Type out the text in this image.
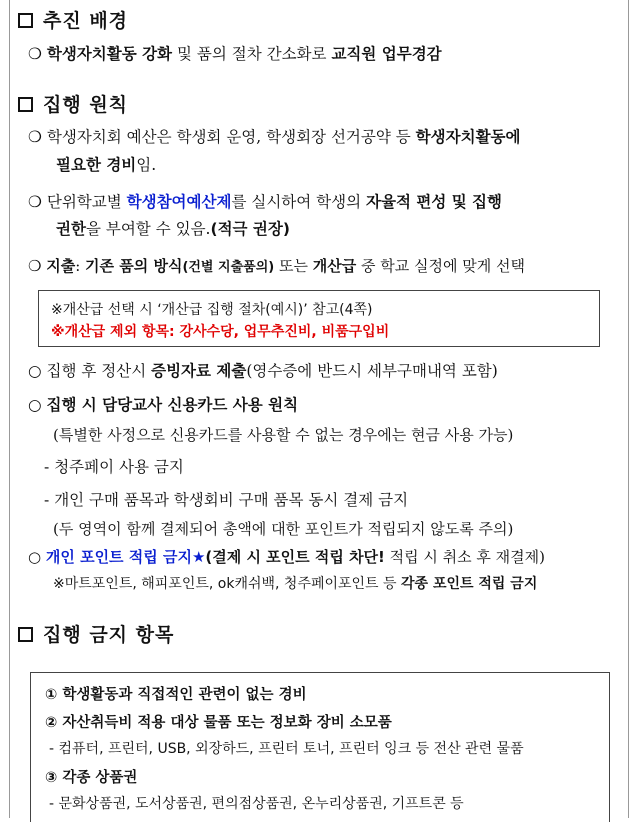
추진 배경
❍ 학생자치활동 강화 및 품의 절차 간소화로 교직원 업무경감
집행 원칙
❍ 학생자치회 예산은 학생회 운영, 학생회장 선거공약 등 학생자치활동에
필요한 경비임.
❍ 단위학교별 학생참여예산제를 실시하여 학생의 자율적 편성 및 집행
권한을 부여할 수 있음.(적극 권장)
❍ 지출: 기존 품의 방식(건별 지출품의) 또는 개산급 중 학교 실정에 맞게 선택
※개산급 선택 시 ‘개산급 집행 절차(예시)’ 참고(4쪽)
※개산급 제외 항목: 강사수당, 업무추진비, 비품구입비
○ 집행 후 정산시 증빙자료 제출(영수증에 반드시 세부구매내역 포함)
○ 집행 시 담당교사 신용카드 사용 원칙
(특별한 사정으로 신용카드를 사용할 수 없는 경우에는 현금 사용 가능)
- 청주페이 사용 금지
- 개인 구매 품목과 학생회비 구매 품목 동시 결제 금지
(두 영역이 함께 결제되어 총액에 대한 포인트가 적립되지 않도록 주의)
○ 개인 포인트 적립 금지★(결제 시 포인트 적립 차단! 적립 시 취소 후 재결제)
※마트포인트, 해피포인트, ok캐쉬백, 청주페이포인트 등 각종 포인트 적립 금지
집행 금지 항목
① 학생활동과 직접적인 관련이 없는 경비
② 자산취득비 적용 대상 물품 또는 정보화 장비 소모품
- 컴퓨터, 프린터, USB, 외장하드, 프린터 토너, 프린터 잉크 등 전산 관련 물품
③ 각종 상품권
- 문화상품권, 도서상품권, 편의점상품권, 온누리상품권, 기프트콘 등
